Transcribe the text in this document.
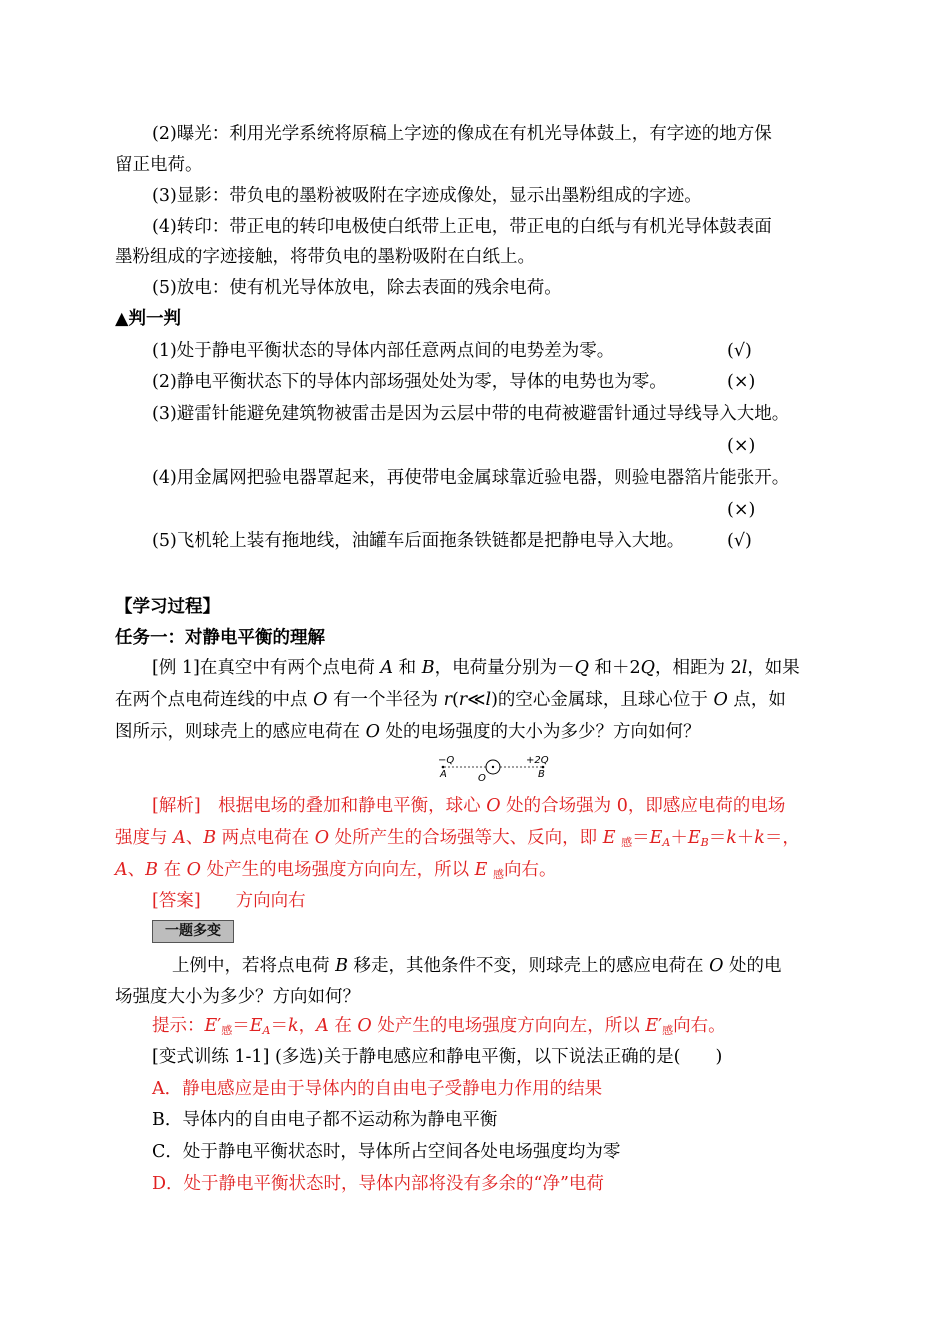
(2)曝光：利用光学系统将原稿上字迹的像成在有机光导体鼓上，有字迹的地方保
留正电荷。
(3)显影：带负电的墨粉被吸附在字迹成像处，显示出墨粉组成的字迹。
(4)转印：带正电的转印电极使白纸带上正电，带正电的白纸与有机光导体鼓表面
墨粉组成的字迹接触，将带负电的墨粉吸附在白纸上。
(5)放电：使有机光导体放电，除去表面的残余电荷。
▲判一判
(1)处于静电平衡状态的导体内部任意两点间的电势差为零。	(√)
(2)静电平衡状态下的导体内部场强处处为零，导体的电势也为零。	(×)
(3)避雷针能避免建筑物被雷击是因为云层中带的电荷被避雷针通过导线导入大地。
(×)
(4)用金属网把验电器罩起来，再使带电金属球靠近验电器，则验电器箔片能张开。
(×)
(5)飞机轮上装有拖地线，油罐车后面拖条铁链都是把静电导入大地。 (√)
【学习过程】
任务一：对静电平衡的理解
[例 1]在真空中有两个点电荷 A 和 B，电荷量分别为－Q 和＋2Q，相距为 2l，如果
在两个点电荷连线的中点 O 有一个半径为 r(r≪l)的空心金属球，且球心位于 O 点，如
图所示，则球壳上的感应电荷在 O 处的电场强度的大小为多少？方向如何？
−Q
A	O
+2Q
B
[解析]　根据电场的叠加和静电平衡，球心 O 处的合场强为 0，即感应电荷的电场
强度与 A、B 两点电荷在 O 处所产生的合场强等大、反向，即 E $_感=E_A+E_B=k+k=$，
A、B 在 O 处产生的电场强度方向向左，所以 E $_感$向右。
[答案]　　 方向向右
一题多变
上例中，若将点电荷 B 移走，其他条件不变，则球壳上的感应电荷在 O 处的电
场强度大小为多少？方向如何？
提示：$E'_感=E_A=k$，A 在 O 处产生的电场强度方向向左，所以 $E'_感$向右。
[变式训练 1-1] (多选)关于静电感应和静电平衡，以下说法正确的是(　　)
A．静电感应是由于导体内的自由电子受静电力作用的结果
B．导体内的自由电子都不运动称为静电平衡
C．处于静电平衡状态时，导体所占空间各处电场强度均为零
D．处于静电平衡状态时，导体内部将没有多余的“净”电荷
